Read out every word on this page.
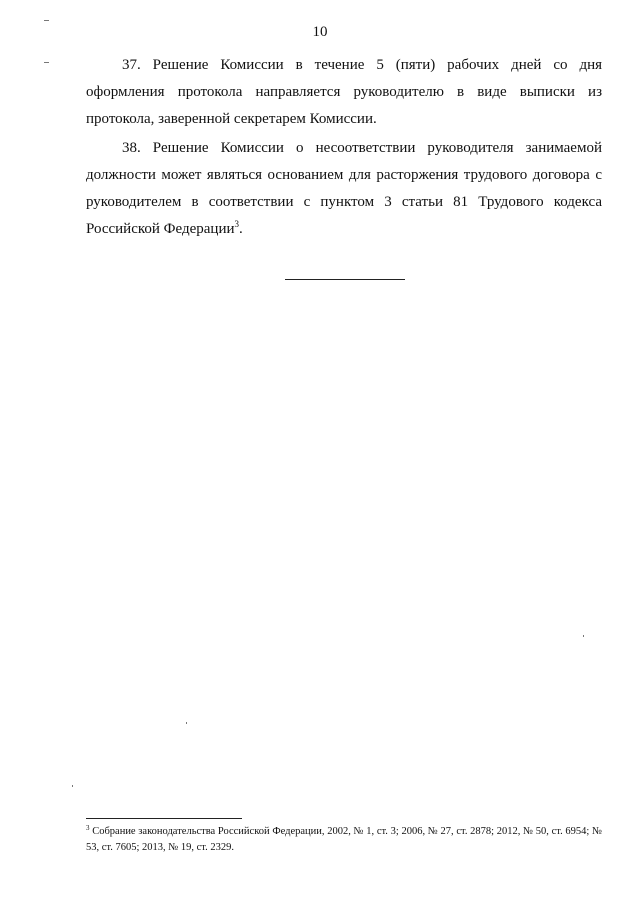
10

37. Решение Комиссии в течение 5 (пяти) рабочих дней со дня оформления протокола направляется руководителю в виде выписки из протокола, заверенной секретарем Комиссии.

38. Решение Комиссии о несоответствии руководителя занимаемой должности может являться основанием для расторжения трудового договора с руководителем в соответствии с пунктом 3 статьи 81 Трудового кодекса Российской Федерации$^3$.

$^3$ Собрание законодательства Российской Федерации, 2002, № 1, ст. 3; 2006, № 27, ст. 2878; 2012, № 50, ст. 6954; № 53, ст. 7605; 2013, № 19, ст. 2329.
